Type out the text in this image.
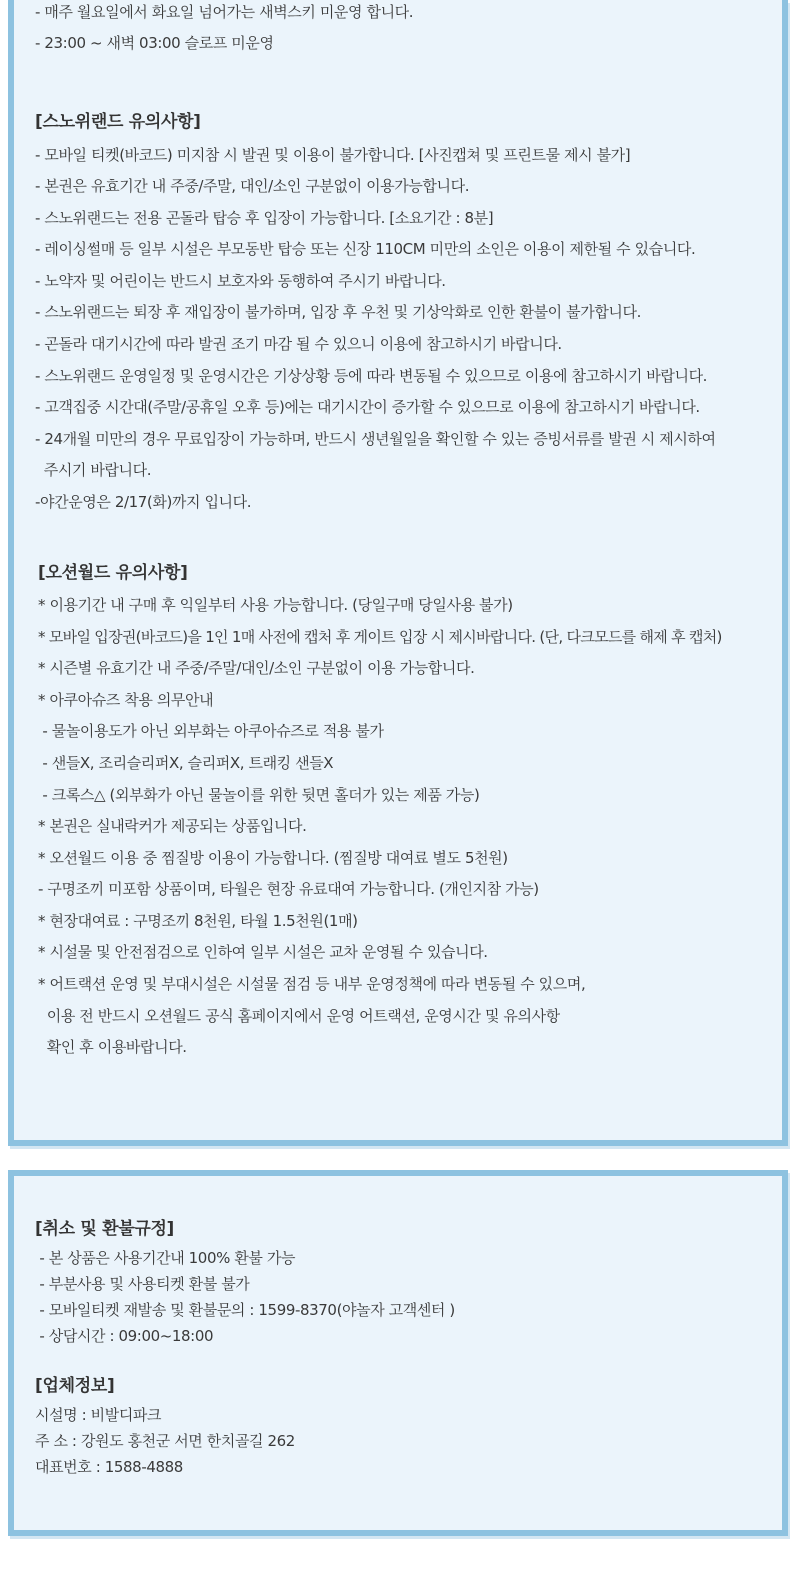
- 매주 월요일에서 화요일 넘어가는 새벽스키 미운영 합니다.
- 23:00 ~ 새벽 03:00 슬로프 미운영
[스노위랜드 유의사항]
- 모바일 티켓(바코드) 미지참 시 발권 및 이용이 불가합니다. [사진캡쳐 및 프린트물 제시 불가]
- 본권은 유효기간 내 주중/주말, 대인/소인 구분없이 이용가능합니다.
- 스노위랜드는 전용 곤돌라 탑승 후 입장이 가능합니다. [소요기간 : 8분]
- 레이싱썰매 등 일부 시설은 부모동반 탑승 또는 신장 110CM 미만의 소인은 이용이 제한될 수 있습니다.
- 노약자 및 어린이는 반드시 보호자와 동행하여 주시기 바랍니다.
- 스노위랜드는 퇴장 후 재입장이 불가하며, 입장 후 우천 및 기상악화로 인한 환불이 불가합니다.
- 곤돌라 대기시간에 따라 발권 조기 마감 될 수 있으니 이용에 참고하시기 바랍니다.
- 스노위랜드 운영일정 및 운영시간은 기상상황 등에 따라 변동될 수 있으므로 이용에 참고하시기 바랍니다.
- 고객집중 시간대(주말/공휴일 오후 등)에는 대기시간이 증가할 수 있으므로 이용에 참고하시기 바랍니다.
- 24개월 미만의 경우 무료입장이 가능하며, 반드시 생년월일을 확인할 수 있는 증빙서류를 발권 시 제시하여
주시기 바랍니다.
-야간운영은 2/17(화)까지 입니다.
[오션월드 유의사항]
* 이용기간 내 구매 후 익일부터 사용 가능합니다. (당일구매 당일사용 불가)
* 모바일 입장권(바코드)을 1인 1매 사전에 캡처 후 게이트 입장 시 제시바랍니다. (단, 다크모드를 해제 후 캡처)
* 시즌별 유효기간 내 주중/주말/대인/소인 구분없이 이용 가능합니다.
* 아쿠아슈즈 착용 의무안내
- 물놀이용도가 아닌 외부화는 아쿠아슈즈로 적용 불가
- 샌들X, 조리슬리퍼X, 슬리퍼X, 트래킹 샌들X
- 크록스△ (외부화가 아닌 물놀이를 위한 뒷면 홀더가 있는 제품 가능)
* 본권은 실내락커가 제공되는 상품입니다.
* 오션월드 이용 중 찜질방 이용이 가능합니다. (찜질방 대여료 별도 5천원)
- 구명조끼 미포함 상품이며, 타월은 현장 유료대여 가능합니다. (개인지참 가능)
* 현장대여료 : 구명조끼 8천원, 타월 1.5천원(1매)
* 시설물 및 안전점검으로 인하여 일부 시설은 교차 운영될 수 있습니다.
* 어트랙션 운영 및 부대시설은 시설물 점검 등 내부 운영정책에 따라 변동될 수 있으며,
이용 전 반드시 오션월드 공식 홈페이지에서 운영 어트랙션, 운영시간 및 유의사항
확인 후 이용바랍니다.
[취소 및 환불규정]
- 본 상품은 사용기간내 100% 환불 가능
- 부분사용 및 사용티켓 환불 불가
- 모바일티켓 재발송 및 환불문의 : 1599-8370(야놀자 고객센터 )
- 상담시간 : 09:00~18:00
[업체정보]
시설명 : 비발디파크
주 소 : 강원도 홍천군 서면 한치골길 262
대표번호 : 1588-4888
